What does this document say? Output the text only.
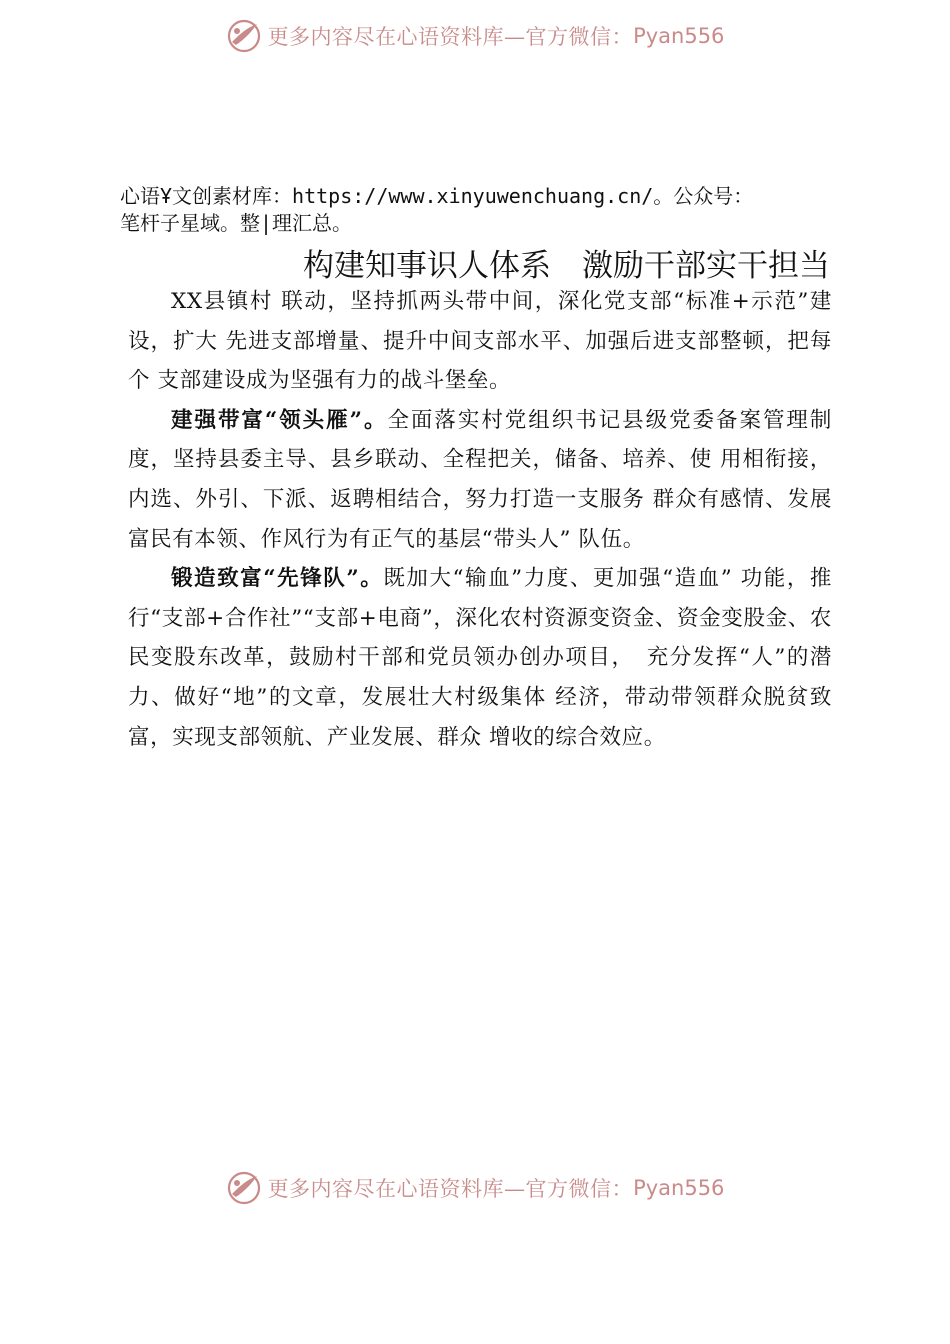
更多内容尽在心语资料库—官方微信： Pyan556
心语Ұ文创素材库：https://www.xinyuwenchuang.cn/。公众号：
笔杆子星域。整|理汇总。
构建知事识人体系　激励干部实干担当

XX县镇村 联动，坚持抓两头带中间，深化党支部“标准+示范”建设，扩大 先进支部增量、提升中间支部水平、加强后进支部整顿，把每个 支部建设成为坚强有力的战斗堡垒。

建强带富“领头雁”。全面落实村党组织书记县级党委备案管理制度，坚持县委主导、县乡联动、全程把关，储备、培养、使 用相衔接，内选、外引、下派、返聘相结合，努力打造一支服务 群众有感情、发展富民有本领、作风行为有正气的基层“带头人” 队伍。

锻造致富“先锋队”。既加大“输血”力度、更加强“造血” 功能，推行“支部+合作社”“支部+电商”，深化农村资源变资金、资金变股金、农民变股东改革，鼓励村干部和党员领办创办项目，　充分发挥“人”的潜力、做好“地”的文章，发展壮大村级集体 经济，带动带领群众脱贫致富，实现支部领航、产业发展、群众 增收的综合效应。

更多内容尽在心语资料库—官方微信： Pyan556
